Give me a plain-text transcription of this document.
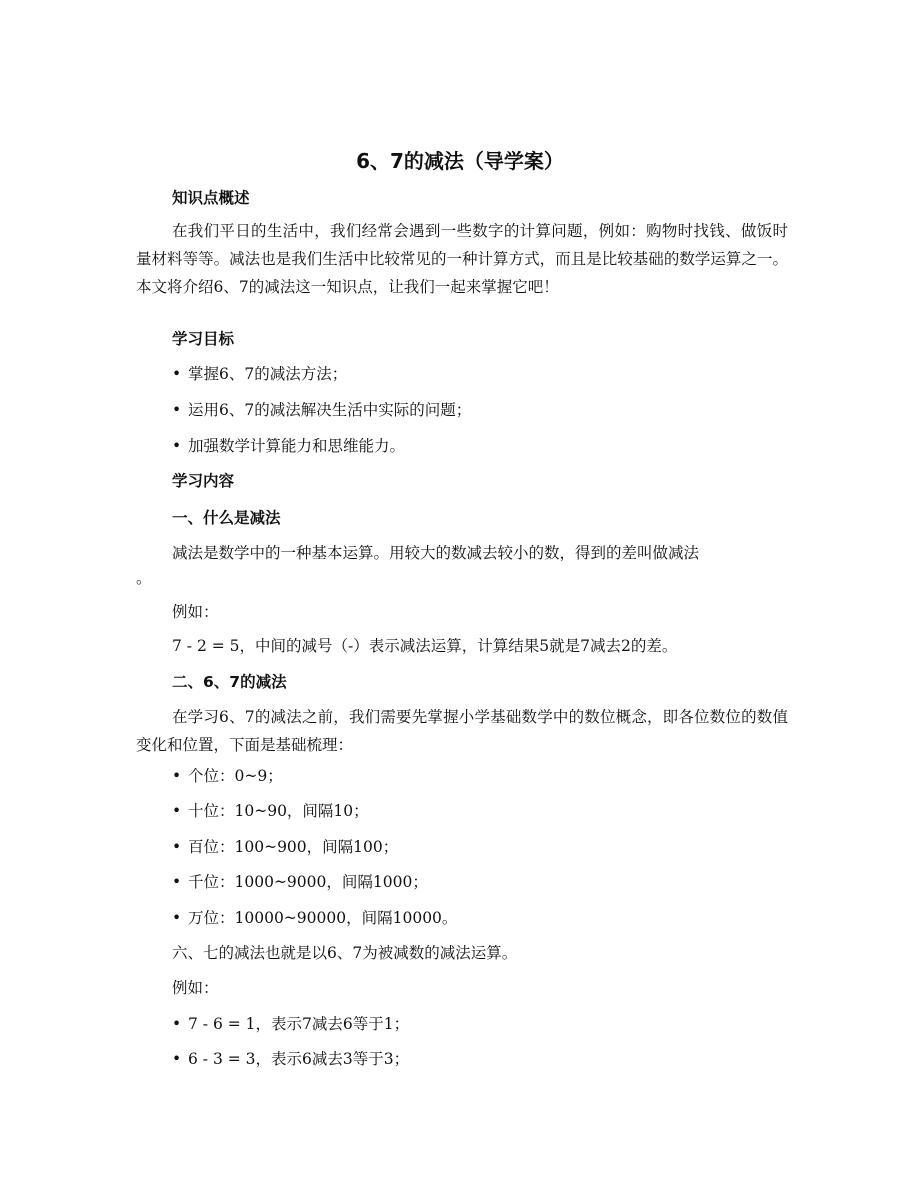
6、7的减法（导学案）
知识点概述
在我们平日的生活中，我们经常会遇到一些数字的计算问题，例如：购物时找钱、做饭时量材料等等。减法也是我们生活中比较常见的一种计算方式，而且是比较基础的数学运算之一。本文将介绍6、7的减法这一知识点，让我们一起来掌握它吧！
学习目标
• 掌握6、7的减法方法；
• 运用6、7的减法解决生活中实际的问题；
• 加强数学计算能力和思维能力。
学习内容
一、什么是减法
减法是数学中的一种基本运算。用较大的数减去较小的数，得到的差叫做减法
。
例如：
7 - 2 = 5，中间的减号（-）表示减法运算，计算结果5就是7减去2的差。
二、6、7的减法
在学习6、7的减法之前，我们需要先掌握小学基础数学中的数位概念，即各位数位的数值变化和位置，下面是基础梳理：
• 个位：0~9；
• 十位：10~90，间隔10；
• 百位：100~900，间隔100；
• 千位：1000~9000，间隔1000；
• 万位：10000~90000，间隔10000。
六、七的减法也就是以6、7为被减数的减法运算。
例如：
• 7 - 6 = 1，表示7减去6等于1；
• 6 - 3 = 3，表示6减去3等于3；
